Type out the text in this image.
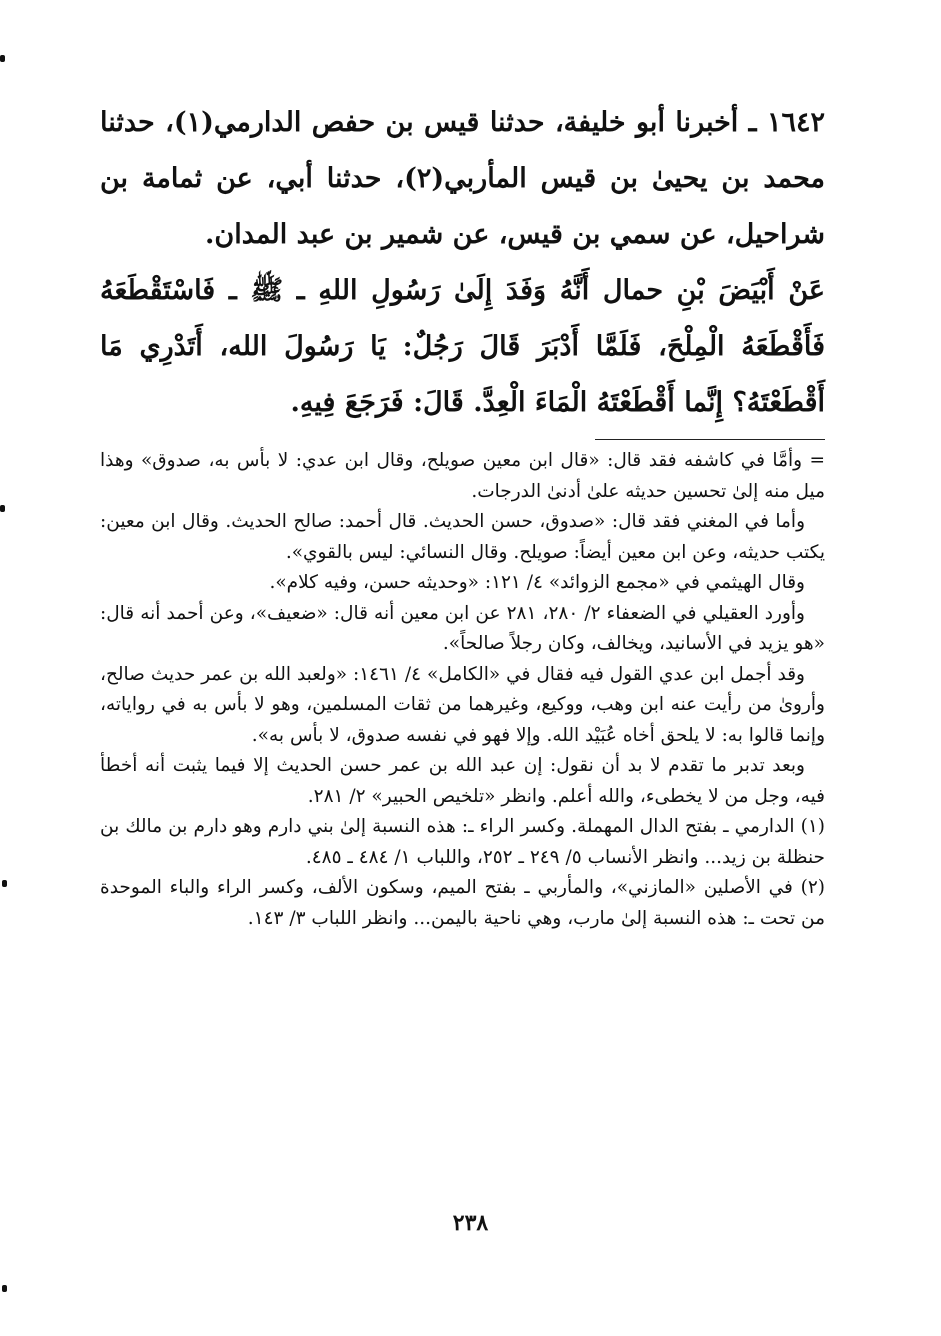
١٦٤٢ ـ أخبرنا أبو خليفة، حدثنا قيس بن حفص الدارمي(١)، حدثنا محمد بن يحيىٰ بن قيس المأربي(٢)، حدثنا أبي، عن ثمامة بن شراحيل، عن سمي بن قيس، عن شمير بن عبد المدان.

عَنْ أَبْيَضَ بْنِ حمال أَنَّهُ وَفَدَ إِلَىٰ رَسُولِ اللهِ ـ ﷺ ـ فَاسْتَقْطَعَهُ فَأَقْطَعَهُ الْمِلْحَ، فَلَمَّا أَدْبَرَ قَالَ رَجُلٌ: يَا رَسُولَ الله، أَتَدْرِي مَا أَقْطَعْتَهُ؟ إِنَّما أَقْطَعْتَهُ الْمَاءَ الْعِدَّ. قَالَ: فَرَجَعَ فِيهِ.

= وأمَّا في كاشفه فقد قال: «قال ابن معين صويلح، وقال ابن عدي: لا بأس به، صدوق» وهذا ميل منه إلىٰ تحسين حديثه علىٰ أدنىٰ الدرجات.

وأما في المغني فقد قال: «صدوق، حسن الحديث. قال أحمد: صالح الحديث. وقال ابن معين: يكتب حديثه، وعن ابن معين أيضاً: صويلح. وقال النسائي: ليس بالقوي».

وقال الهيثمي في «مجمع الزوائد» ٤/ ١٢١: «وحديثه حسن، وفيه كلام».

وأورد العقيلي في الضعفاء ٢/ ٢٨٠، ٢٨١ عن ابن معين أنه قال: «ضعيف»، وعن أحمد أنه قال: «هو يزيد في الأسانيد، ويخالف، وكان رجلاً صالحاً».

وقد أجمل ابن عدي القول فيه فقال في «الكامل» ٤/ ١٤٦١: «ولعبد الله بن عمر حديث صالح، وأروىٰ من رأيت عنه ابن وهب، ووكيع، وغيرهما من ثقات المسلمين، وهو لا بأس به في رواياته، وإنما قالوا به: لا يلحق أخاه عُبَيْد الله. وإلا فهو في نفسه صدوق، لا بأس به».

وبعد تدبر ما تقدم لا بد أن نقول: إن عبد الله بن عمر حسن الحديث إلا فيما يثبت أنه أخطأ فيه، وجل من لا يخطىء، والله أعلم. وانظر «تلخيص الحبير» ٢/ ٢٨١.

(١) الدارمي ـ بفتح الدال المهملة. وكسر الراء ـ: هذه النسبة إلىٰ بني دارم وهو دارم بن مالك بن حنظلة بن زيد... وانظر الأنساب ٥/ ٢٤٩ ـ ٢٥٢، واللباب ١/ ٤٨٤ ـ ٤٨٥.

(٢) في الأصلين «المازني»، والمأربي ـ بفتح الميم، وسكون الألف، وكسر الراء والباء الموحدة من تحت ـ: هذه النسبة إلىٰ مارب، وهي ناحية باليمن... وانظر اللباب ٣/ ١٤٣.

٢٣٨
